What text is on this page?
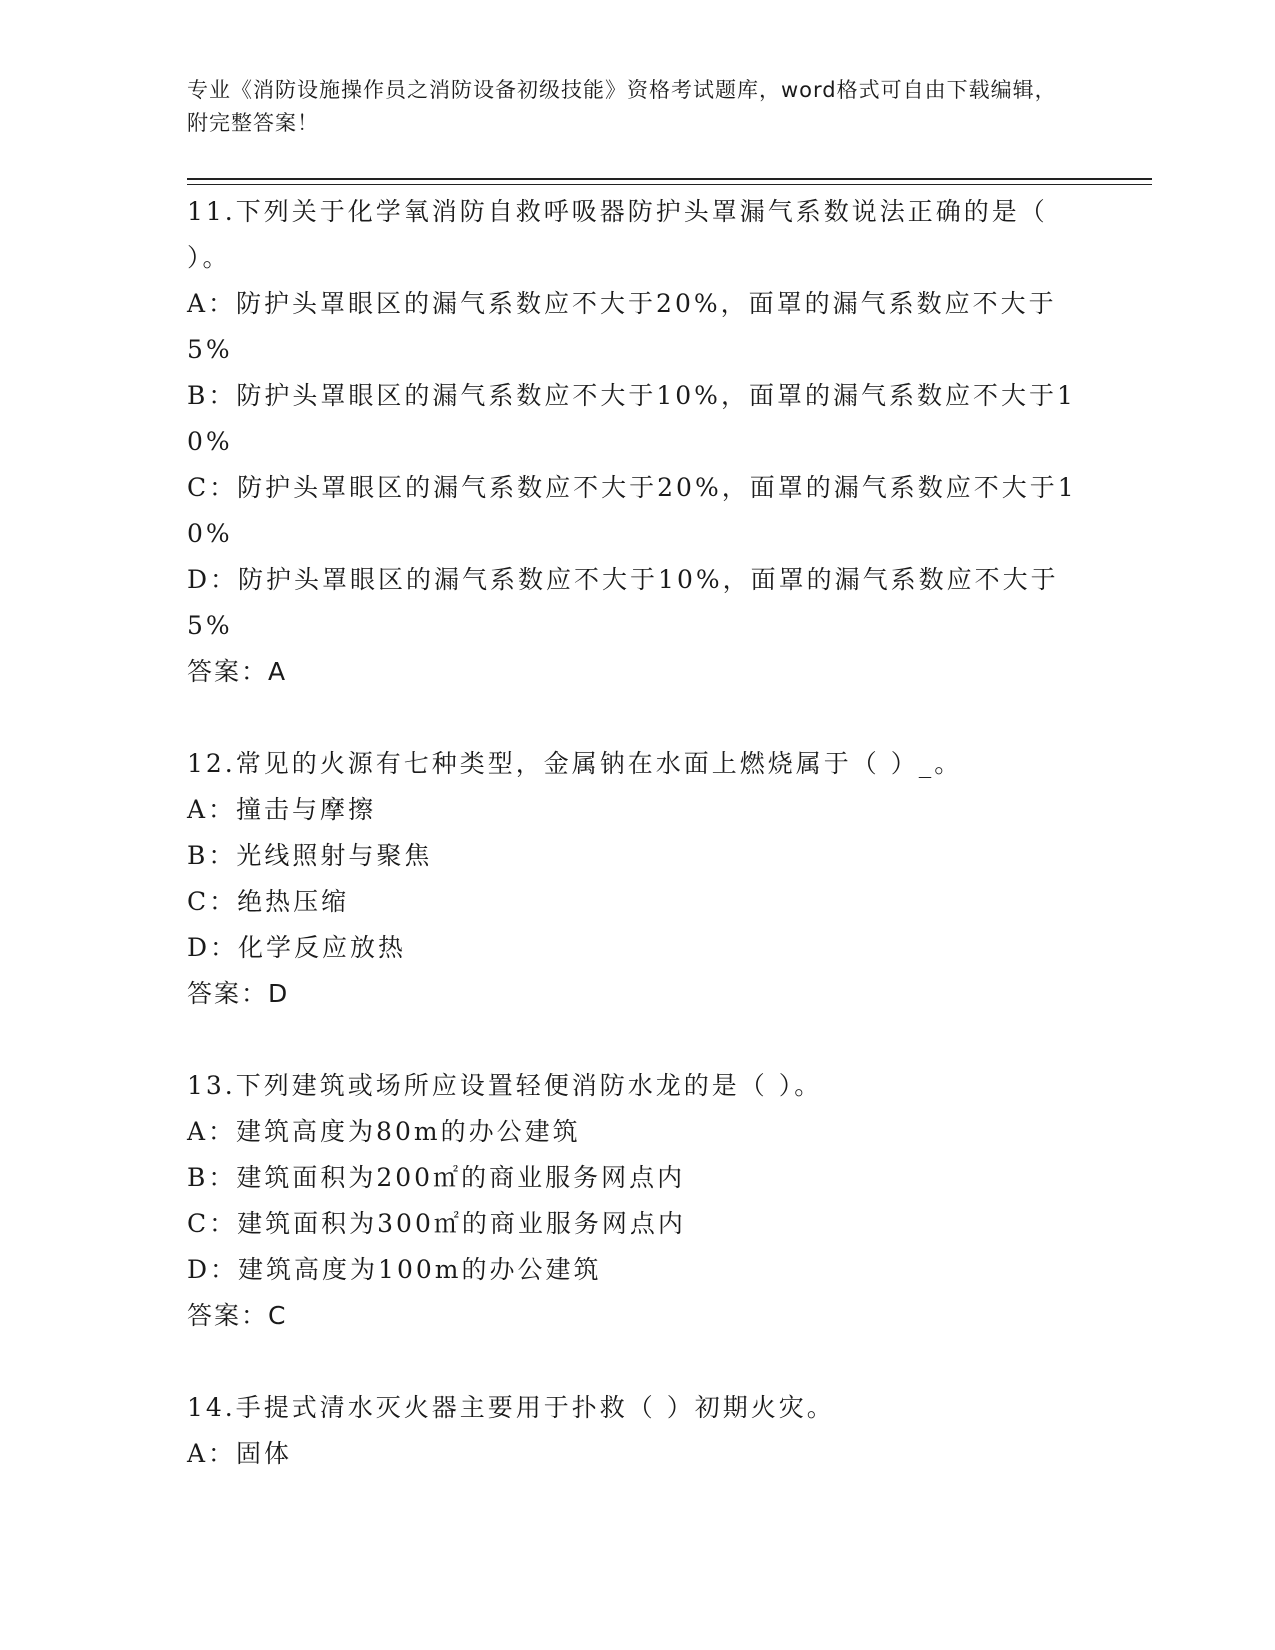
专业《消防设施操作员之消防设备初级技能》资格考试题库，word格式可自由下载编辑，附完整答案！
11.下列关于化学氧消防自救呼吸器防护头罩漏气系数说法正确的是（ ）。
A：防护头罩眼区的漏气系数应不大于20%，面罩的漏气系数应不大于5%
B：防护头罩眼区的漏气系数应不大于10%，面罩的漏气系数应不大于10%
C：防护头罩眼区的漏气系数应不大于20%，面罩的漏气系数应不大于10%
D：防护头罩眼区的漏气系数应不大于10%，面罩的漏气系数应不大于5%
答案：A
12.常见的火源有七种类型，金属钠在水面上燃烧属于（ ）_。
A：撞击与摩擦
B：光线照射与聚焦
C：绝热压缩
D：化学反应放热
答案：D
13.下列建筑或场所应设置轻便消防水龙的是（ ）。
A：建筑高度为80m的办公建筑
B：建筑面积为200㎡的商业服务网点内
C：建筑面积为300㎡的商业服务网点内
D：建筑高度为100m的办公建筑
答案：C
14.手提式清水灭火器主要用于扑救（ ）初期火灾。
A：固体
